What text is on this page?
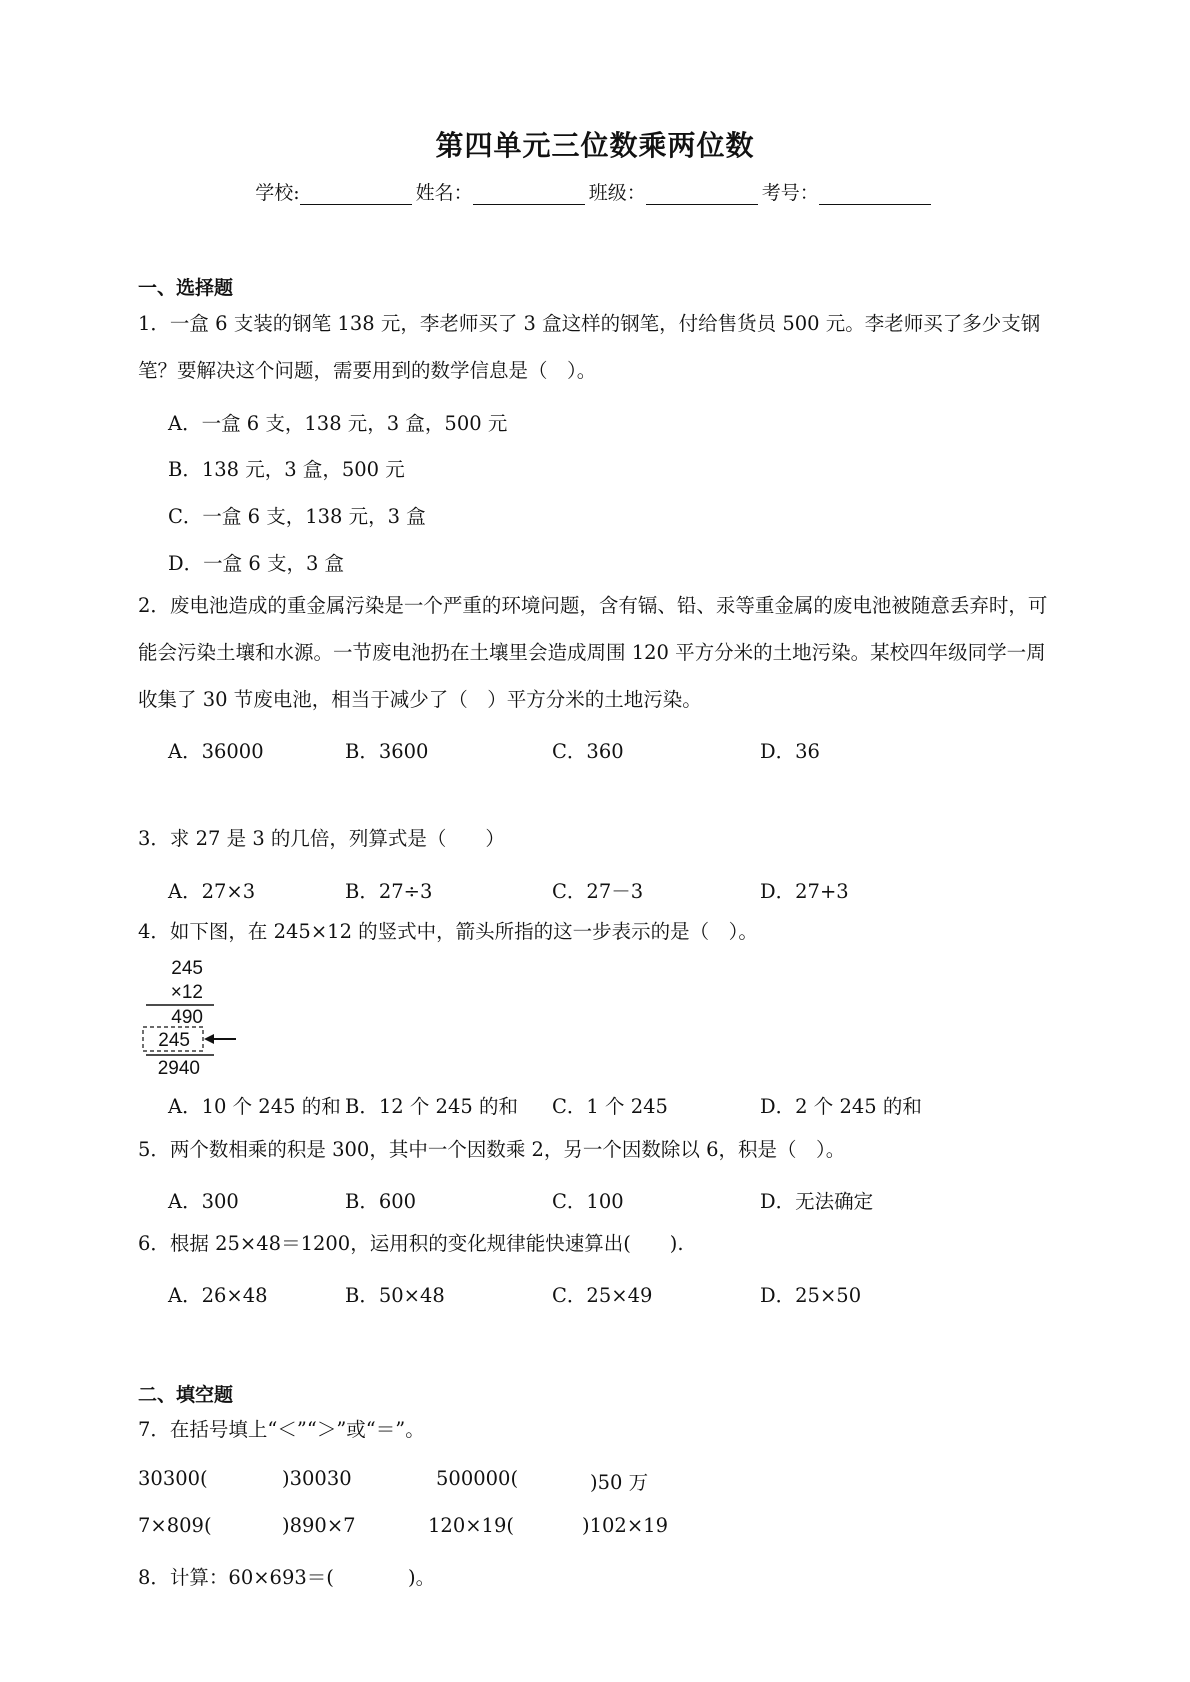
第四单元三位数乘两位数
学校:	姓名：	班级：	考号：
一、选择题
1．一盒 6 支装的钢笔 138 元，李老师买了 3 盒这样的钢笔，付给售货员 500 元。李老师买了多少支钢笔？要解决这个问题，需要用到的数学信息是（　）。
A．一盒 6 支，138 元，3 盒，500 元
B．138 元，3 盒，500 元
C．一盒 6 支，138 元，3 盒
D．一盒 6 支，3 盒
2．废电池造成的重金属污染是一个严重的环境问题，含有镉、铅、汞等重金属的废电池被随意丢弃时，可能会污染土壤和水源。一节废电池扔在土壤里会造成周围 120 平方分米的土地污染。某校四年级同学一周收集了 30 节废电池，相当于减少了（　）平方分米的土地污染。
A．36000	B．3600	C．360	D．36
3．求 27 是 3 的几倍，列算式是（　　）
A．27×3	B．27÷3	C．27－3	D．27+3
4．如下图，在 245×12 的竖式中，箭头所指的这一步表示的是（　）。
245
×12
490
245
2940
A．10 个 245 的和 B．12 个 245 的和 C．1 个 245	D．2 个 245 的和
5．两个数相乘的积是 300，其中一个因数乘 2，另一个因数除以 6，积是（　）。
A．300	B．600	C．100	D．无法确定
6．根据 25×48＝1200，运用积的变化规律能快速算出(　　).
A．26×48	B．50×48	C．25×49	D．25×50
二、填空题
7．在括号填上“＜”“＞”或“＝”。
30300(	)30030	500000(	)50 万
7×809(	)890×7	120×19(	)102×19
8．计算：60×693＝(	)。
